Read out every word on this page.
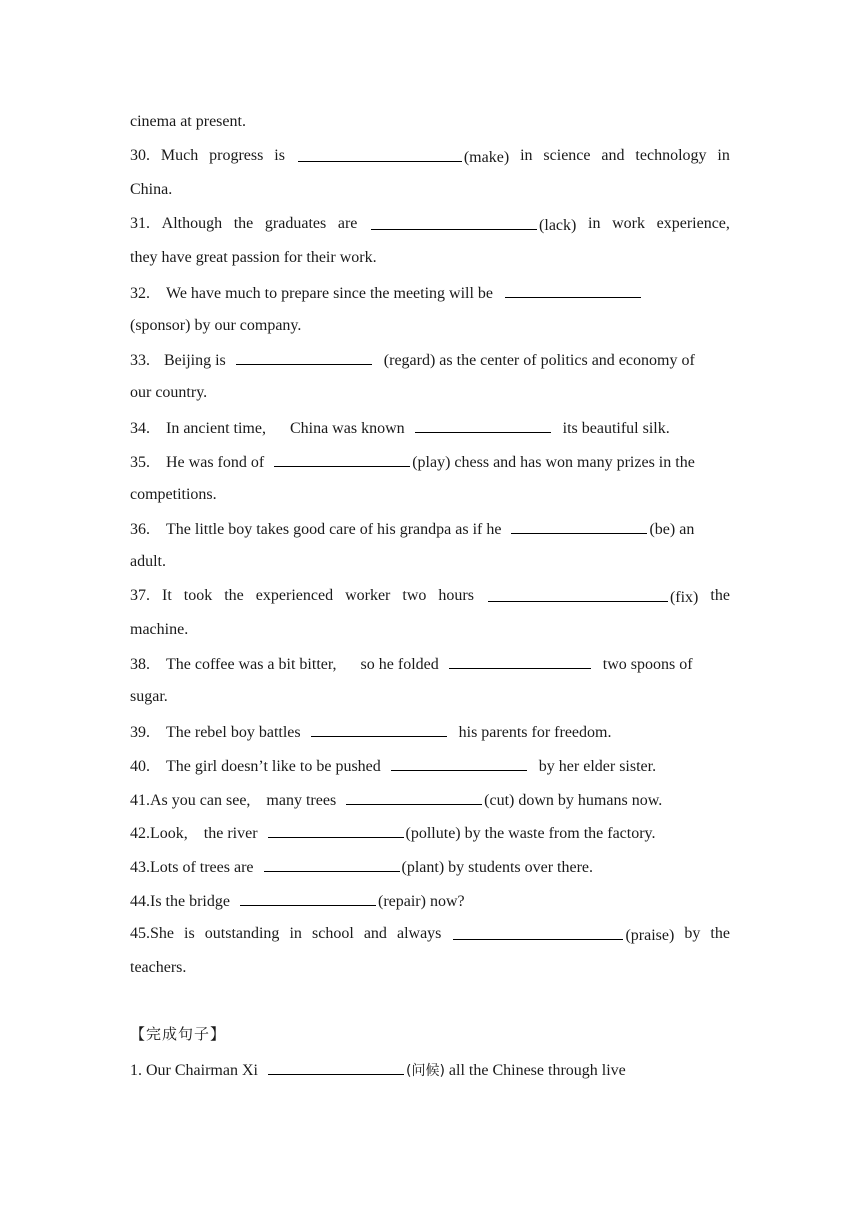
cinema at present.
30. Much progress is	(make) in science and technology in
China.
31. Although the graduates are	(lack) in work experience,
they have great passion for their work.
32.    We have much to prepare since the meeting will be
(sponsor) by our company.
33. Beijing is	(regard) as the center of politics and economy of
our country.
34.    In ancient time,      China was known	its beautiful silk.
35.    He was fond of	(play) chess and has won many prizes in the
competitions.
36.    The little boy takes good care of his grandpa as if he	(be) an
adult.
37. It took the experienced worker two hours	(fix) the
machine.
38.    The coffee was a bit bitter,      so he folded	two spoons of
sugar.
39.    The rebel boy battles	his parents for freedom.
40.    The girl doesn’t like to be pushed	by her elder sister.
41.As you can see,    many trees	(cut) down by humans now.
42.Look,    the river	(pollute) by the waste from the factory.
43.Lots of trees are	(plant) by students over there.
44.Is the bridge	(repair) now?
45.She is outstanding in school and always	(praise) by the
teachers.
【完成句子】
1. Our Chairman Xi	(问候) all the Chinese through live
